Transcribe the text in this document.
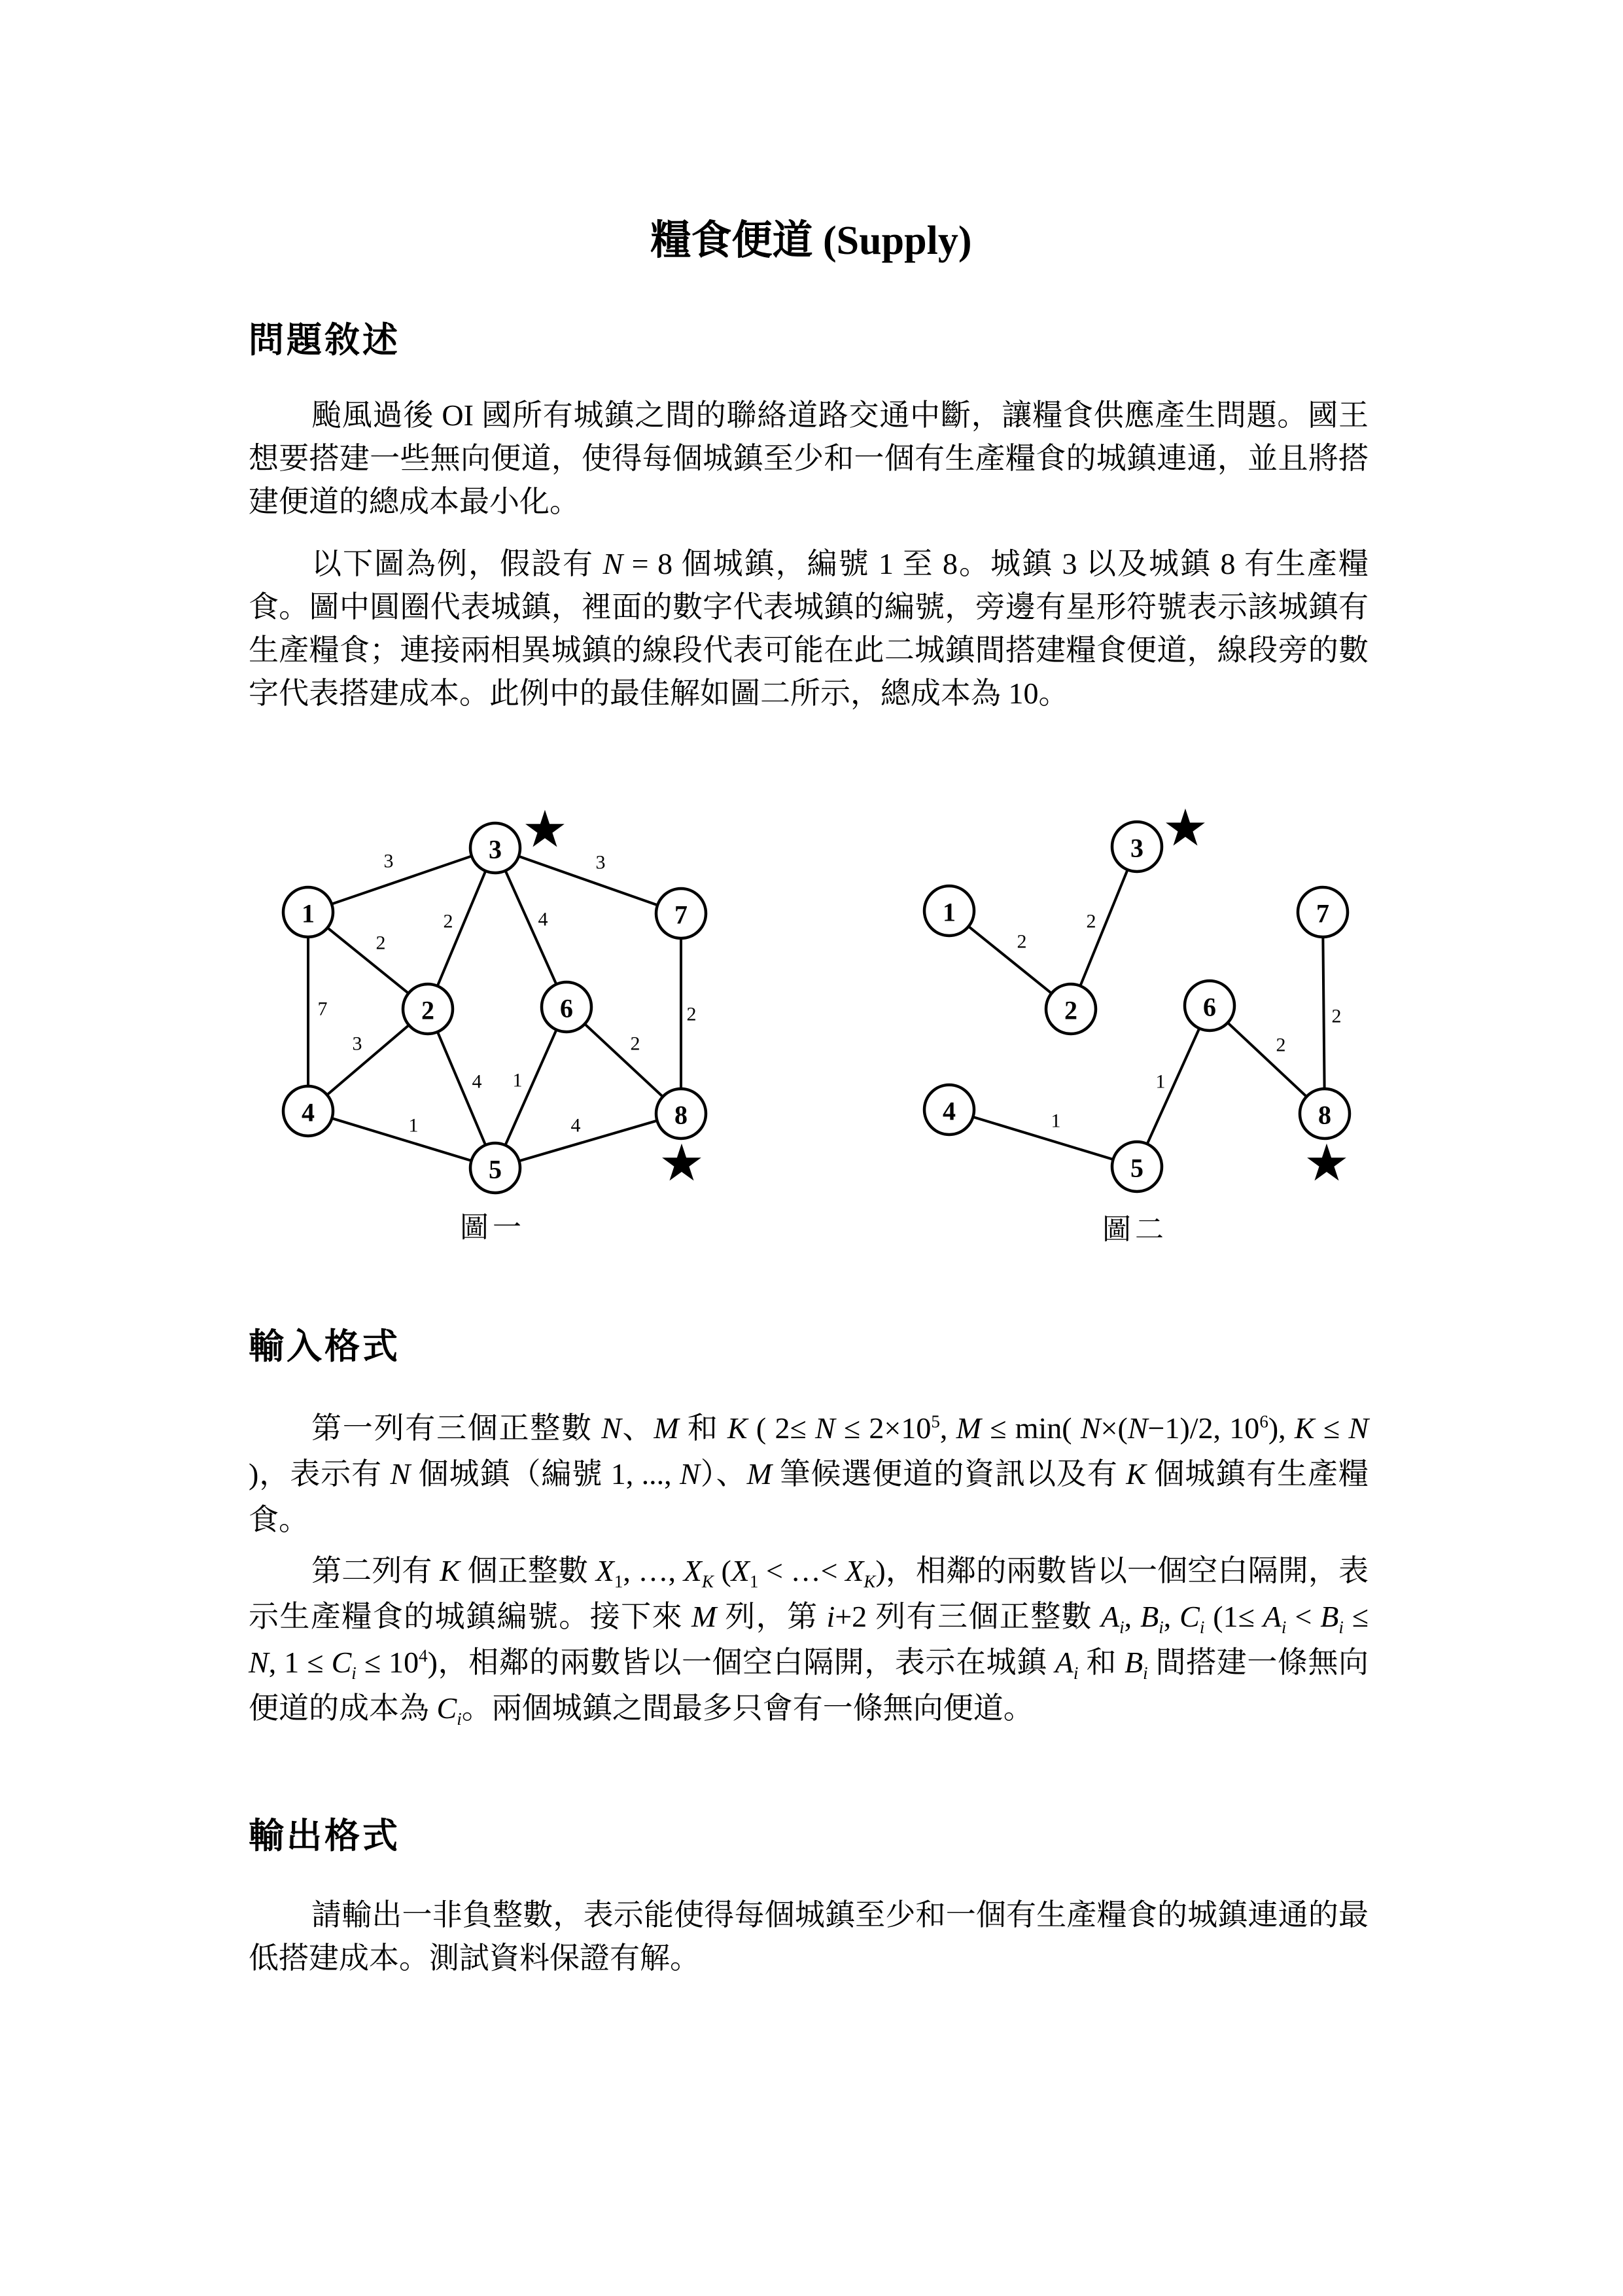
糧食便道 (Supply)
問題敘述

颱風過後 OI 國所有城鎮之間的聯絡道路交通中斷，讓糧食供應產生問題。國王想要搭建一些無向便道，使得每個城鎮至少和一個有生產糧食的城鎮連通，並且將搭建便道的總成本最小化。

以下圖為例，假設有 N = 8 個城鎮，編號 1 至 8。城鎮 3 以及城鎮 8 有生產糧食。圖中圓圈代表城鎮，裡面的數字代表城鎮的編號，旁邊有星形符號表示該城鎮有生產糧食；連接兩相異城鎮的線段代表可能在此二城鎮間搭建糧食便道，線段旁的數字代表搭建成本。此例中的最佳解如圖二所示，總成本為 10。

3	3
2
2	4
7
3
4 1
2
2
1	4
1
2
3
4
5
6
7
8
★
★
圖一
2
2
1
1
2
2
1
2
3
4
5
6
7
8
★
★
圖二
輸入格式

第一列有三個正整數 N、M 和 K ( $2\le N \le 2\times 10^5$, M ≤ min( N×(N−1)/2, $10^6$), K ≤ N )，表示有 N 個城鎮（編號 1, ..., N）、M 筆候選便道的資訊以及有 K 個城鎮有生產糧食。

第二列有 K 個正整數 $X_1$, …, $X_K$ ($X_1$ < …< $X_K$)，相鄰的兩數皆以一個空白隔開，表示生產糧食的城鎮編號。接下來 M 列，第 i+2 列有三個正整數 $A_i$, $B_i$, $C_i$ ($1\le A_i < B_i \le N$, $1 \le C_i \le 10^4$)，相鄰的兩數皆以一個空白隔開，表示在城鎮 $A_i$ 和 $B_i$ 間搭建一條無向便道的成本為 $C_i$。兩個城鎮之間最多只會有一條無向便道。

輸出格式

請輸出一非負整數，表示能使得每個城鎮至少和一個有生產糧食的城鎮連通的最低搭建成本。測試資料保證有解。
